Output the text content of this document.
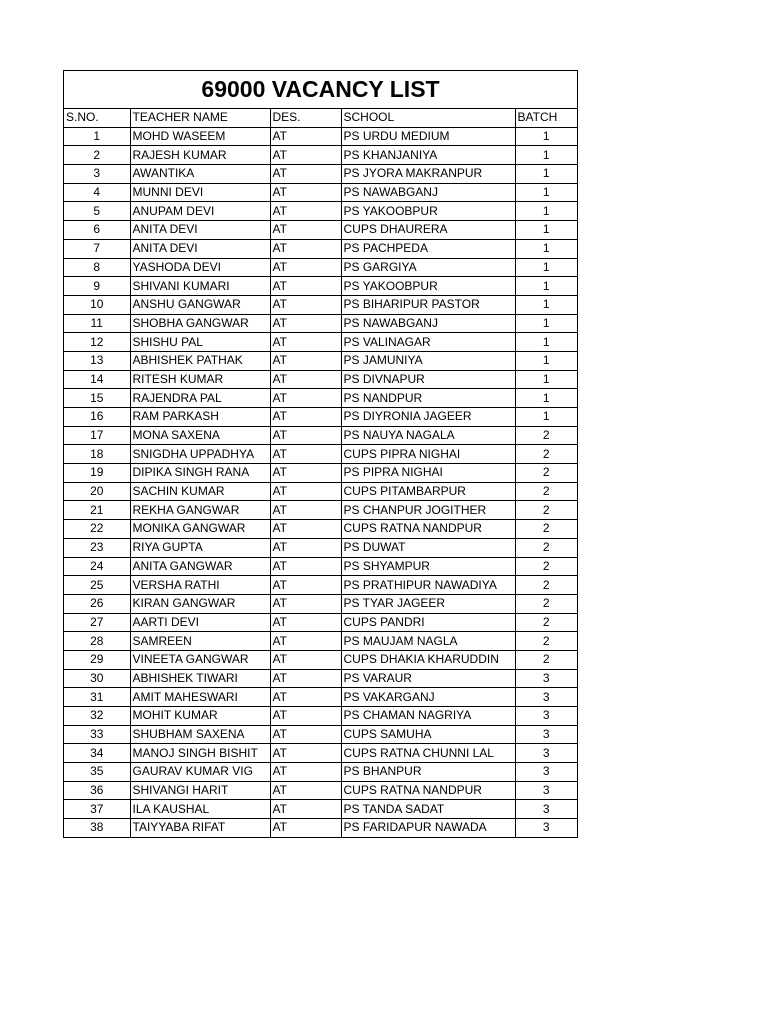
69000 VACANCY LIST
S.NO.	TEACHER NAME	DES.	SCHOOL	BATCH
1	MOHD WASEEM	AT	PS URDU MEDIUM	1
2	RAJESH KUMAR	AT	PS KHANJANIYA	1
3	AWANTIKA	AT	PS JYORA MAKRANPUR	1
4	MUNNI DEVI	AT	PS NAWABGANJ	1
5	ANUPAM DEVI	AT	PS YAKOOBPUR	1
6	ANITA DEVI	AT	CUPS DHAURERA	1
7	ANITA DEVI	AT	PS PACHPEDA	1
8	YASHODA DEVI	AT	PS GARGIYA	1
9	SHIVANI KUMARI	AT	PS YAKOOBPUR	1
10	ANSHU GANGWAR	AT	PS BIHARIPUR PASTOR	1
11	SHOBHA GANGWAR	AT	PS NAWABGANJ	1
12	SHISHU PAL	AT	PS VALINAGAR	1
13	ABHISHEK PATHAK	AT	PS JAMUNIYA	1
14	RITESH KUMAR	AT	PS DIVNAPUR	1
15	RAJENDRA PAL	AT	PS NANDPUR	1
16	RAM PARKASH	AT	PS DIYRONIA JAGEER	1
17	MONA SAXENA	AT	PS NAUYA NAGALA	2
18	SNIGDHA UPPADHYA	AT	CUPS PIPRA NIGHAI	2
19	DIPIKA SINGH RANA	AT	PS PIPRA NIGHAI	2
20	SACHIN KUMAR	AT	CUPS PITAMBARPUR	2
21	REKHA GANGWAR	AT	PS CHANPUR JOGITHER	2
22	MONIKA GANGWAR	AT	CUPS RATNA NANDPUR	2
23	RIYA GUPTA	AT	PS DUWAT	2
24	ANITA GANGWAR	AT	PS SHYAMPUR	2
25	VERSHA RATHI	AT	PS PRATHIPUR NAWADIYA	2
26	KIRAN GANGWAR	AT	PS TYAR JAGEER	2
27	AARTI DEVI	AT	CUPS PANDRI	2
28	SAMREEN	AT	PS MAUJAM NAGLA	2
29	VINEETA GANGWAR	AT	CUPS DHAKIA KHARUDDIN	2
30	ABHISHEK TIWARI	AT	PS VARAUR	3
31	AMIT MAHESWARI	AT	PS VAKARGANJ	3
32	MOHIT KUMAR	AT	PS CHAMAN NAGRIYA	3
33	SHUBHAM SAXENA	AT	CUPS SAMUHA	3
34	MANOJ SINGH BISHIT	AT	CUPS RATNA CHUNNI LAL	3
35	GAURAV KUMAR VIG	AT	PS BHANPUR	3
36	SHIVANGI HARIT	AT	CUPS RATNA NANDPUR	3
37	ILA KAUSHAL	AT	PS TANDA SADAT	3
38	TAIYYABA RIFAT	AT	PS FARIDAPUR NAWADA	3
